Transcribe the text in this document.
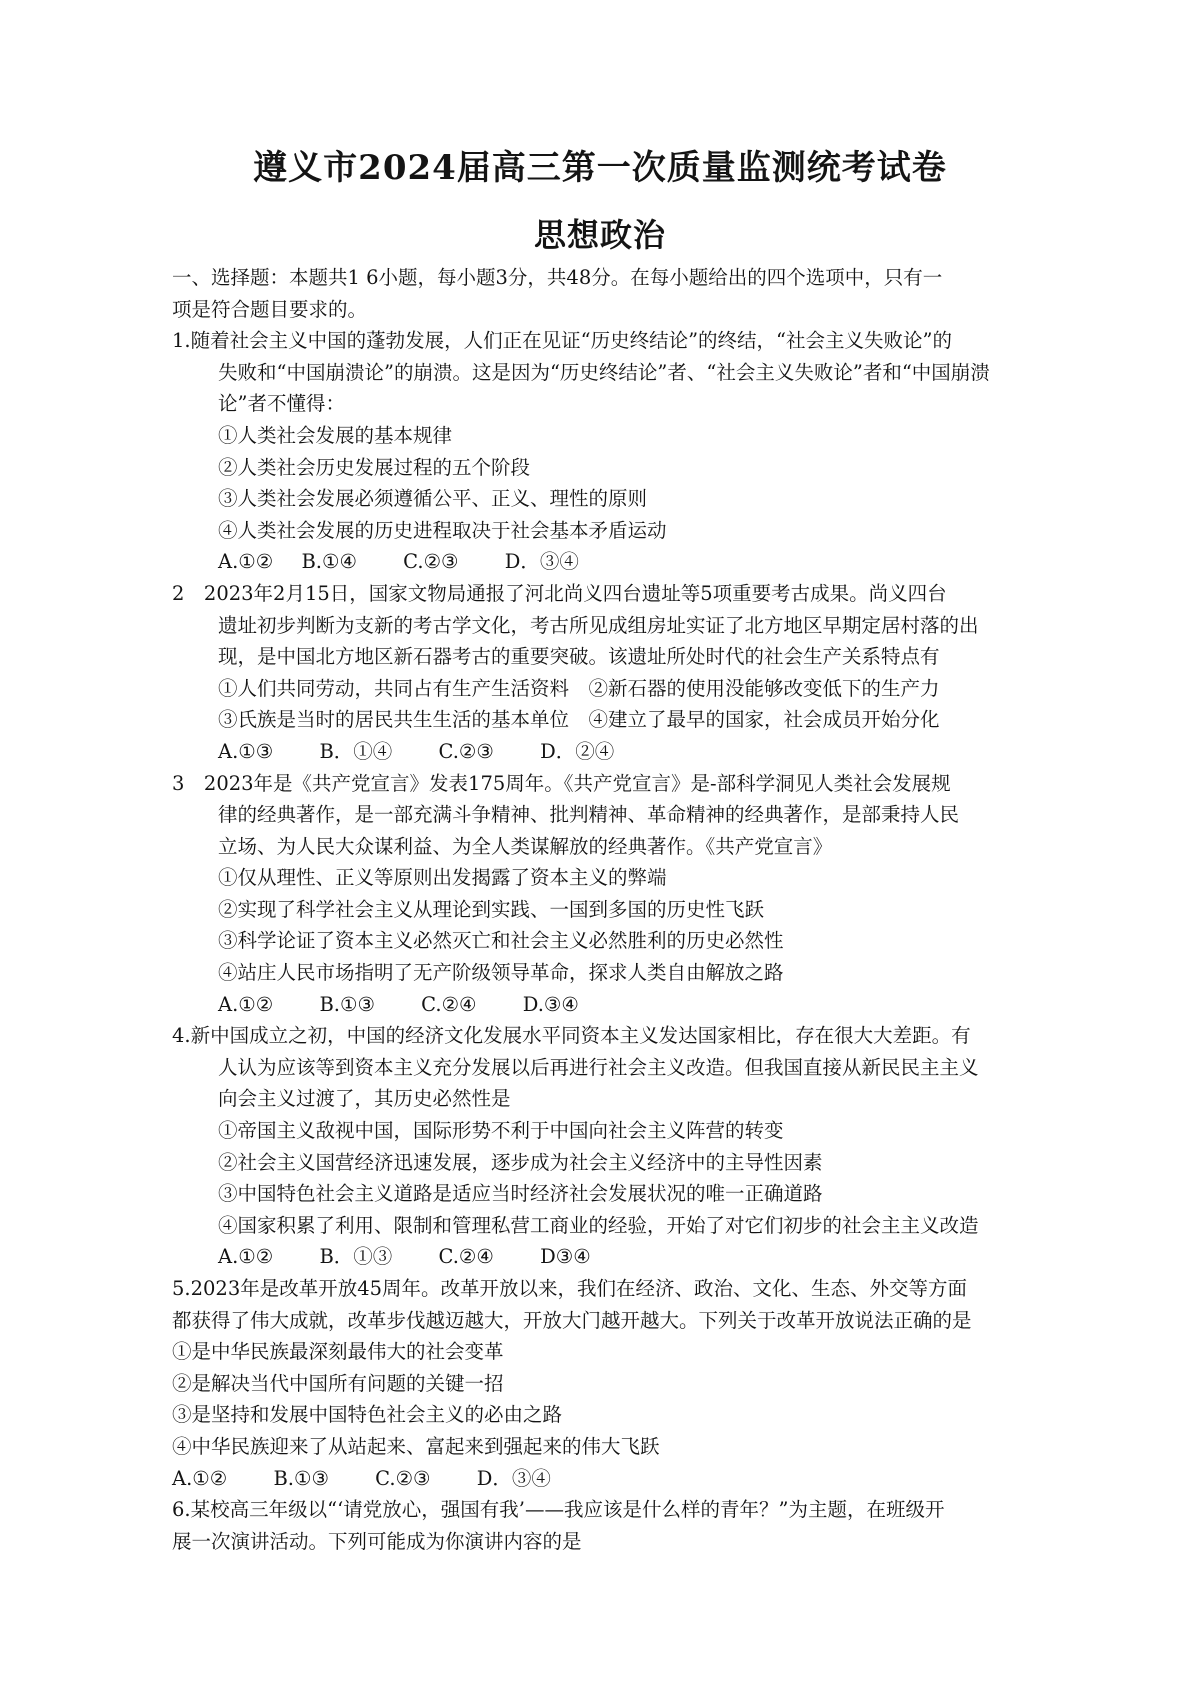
遵义市2024届高三第一次质量监测统考试卷
思想政治
一、选择题：本题共1 6小题，每小题3分，共48分。在每小题给出的四个选项中，只有一
项是符合题目要求的。
1.随着社会主义中国的蓬勃发展，人们正在见证“历史终结论”的终结，“社会主义失败论”的
失败和“中国崩溃论”的崩溃。这是因为“历史终结论”者、“社会主义失败论”者和“中国崩溃
论”者不懂得：
①人类社会发展的基本规律
②人类社会历史发展过程的五个阶段
③人类社会发展必须遵循公平、正义、理性的原则
④人类社会发展的历史进程取决于社会基本矛盾运动
A.①② B.①④ C.②③ D．③④
2　2023年2月15日，国家文物局通报了河北尚义四台遗址等5项重要考古成果。尚义四台
遗址初步判断为支新的考古学文化，考古所见成组房址实证了北方地区早期定居村落的出
现，是中国北方地区新石器考古的重要突破。该遗址所处时代的社会生产关系特点有
①人们共同劳动，共同占有生产生活资料　②新石器的使用没能够改变低下的生产力
③氏族是当时的居民共生生活的基本单位　④建立了最早的国家，社会成员开始分化
A.①③ B．①④ C.②③ D．②④
3　2023年是《共产党宣言》发表175周年。《共产党宣言》是-部科学洞见人类社会发展规
律的经典著作，是一部充满斗争精神、批判精神、革命精神的经典著作，是部秉持人民
立场、为人民大众谋利益、为全人类谋解放的经典著作。《共产党宣言》
①仅从理性、正义等原则出发揭露了资本主义的弊端
②实现了科学社会主义从理论到实践、一国到多国的历史性飞跃
③科学论证了资本主义必然灭亡和社会主义必然胜利的历史必然性
④站庄人民市场指明了无产阶级领导革命，探求人类自由解放之路
A.①② B.①③ C.②④ D.③④
4.新中国成立之初，中国的经济文化发展水平同资本主义发达国家相比，存在很大大差距。有
人认为应该等到资本主义充分发展以后再进行社会主义改造。但我国直接从新民民主主义
向会主义过渡了，其历史必然性是
①帝国主义敌视中国，国际形势不利于中国向社会主义阵营的转变
②社会主义国营经济迅速发展，逐步成为社会主义经济中的主导性因素
③中国特色社会主义道路是适应当时经济社会发展状况的唯一正确道路
④国家积累了利用、限制和管理私营工商业的经验，开始了对它们初步的社会主主义改造
A.①② B．①③ C.②④ D③④
5.2023年是改革开放45周年。改革开放以来，我们在经济、政治、文化、生态、外交等方面
都获得了伟大成就，改革步伐越迈越大，开放大门越开越大。下列关于改革开放说法正确的是
①是中华民族最深刻最伟大的社会变革
②是解决当代中国所有问题的关键一招
③是坚持和发展中国特色社会主义的必由之路
④中华民族迎来了从站起来、富起来到强起来的伟大飞跃
A.①② B.①③ C.②③ D．③④
6.某校高三年级以“‘请党放心，强国有我’——我应该是什么样的青年？”为主题，在班级开
展一次演讲活动。下列可能成为你演讲内容的是
